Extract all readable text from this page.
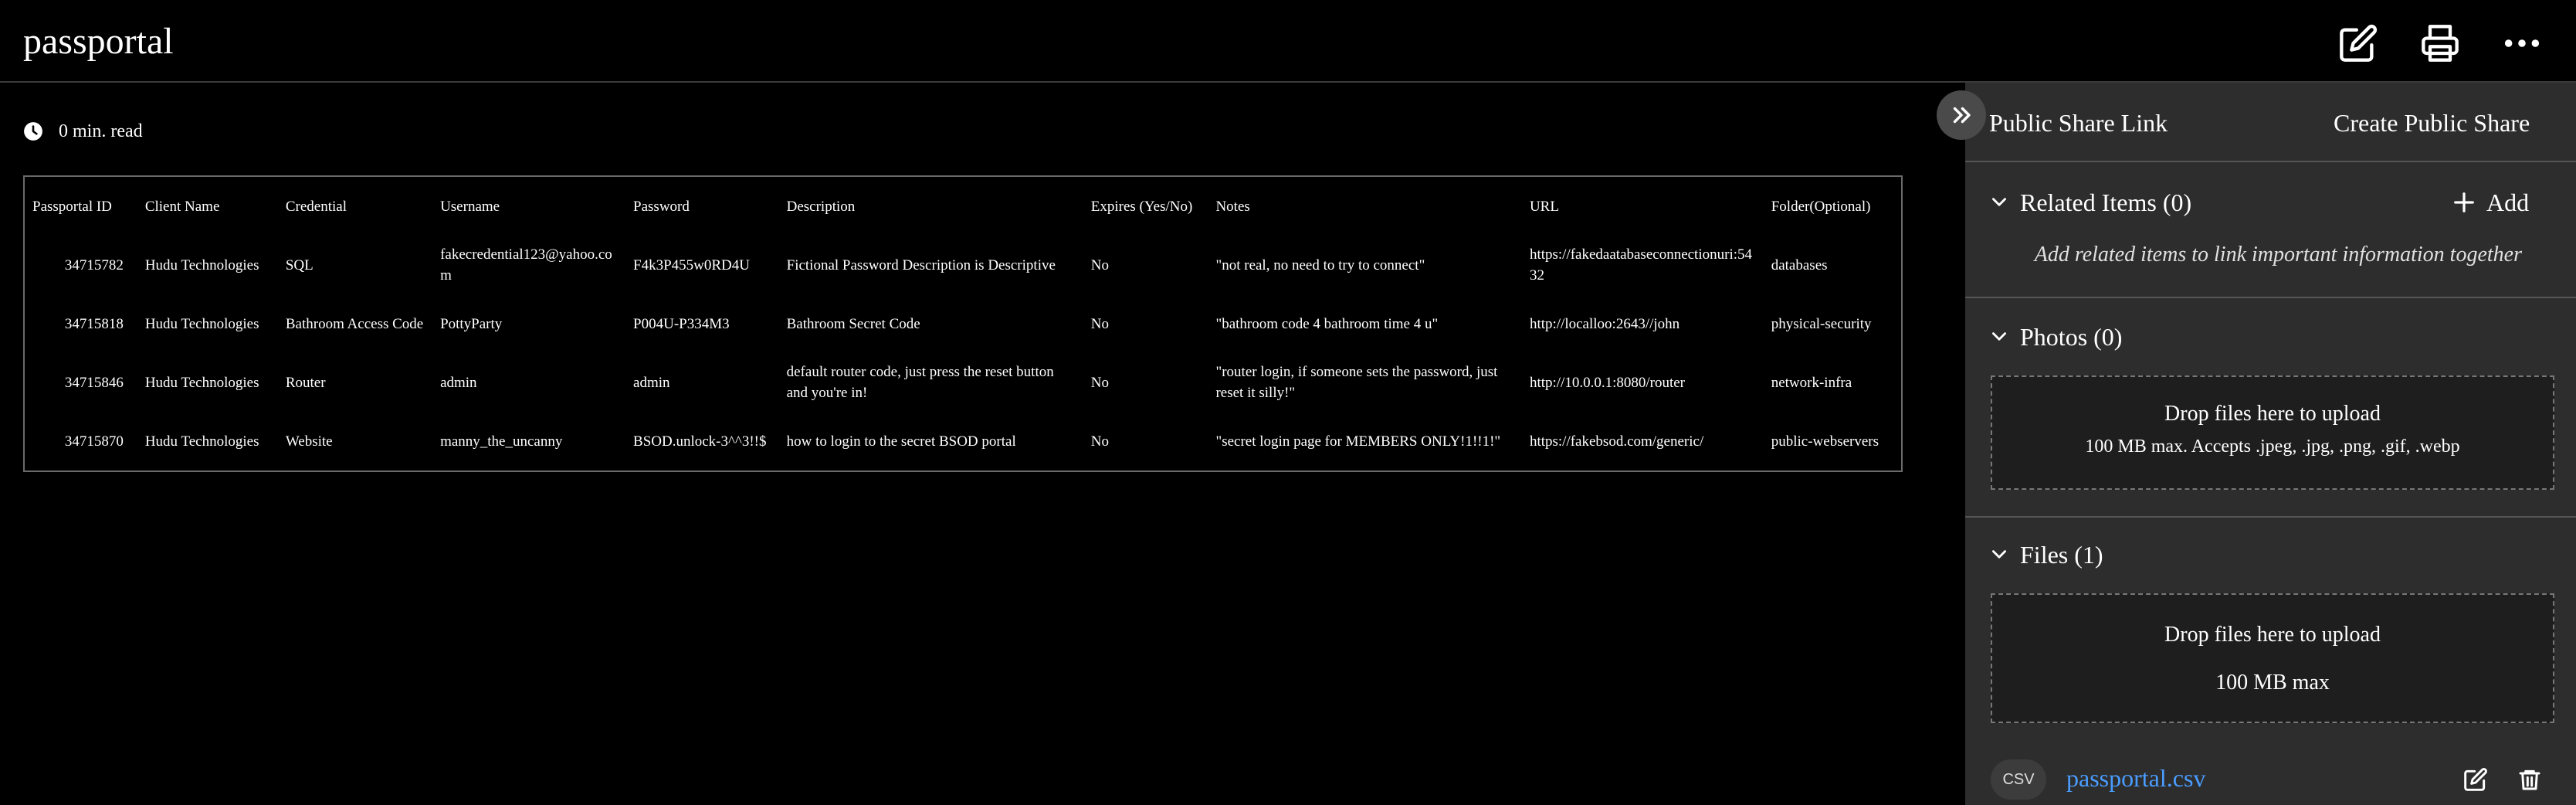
passportal
0 min. read
Passportal ID	Client Name	Credential	Username	Password	Description	Expires (Yes/No)	Notes	URL	Folder(Optional)
34715782	Hudu Technologies	SQL	fakecredential123@yahoo.com	F4k3P455w0RD4U	Fictional Password Description is Descriptive	No	"not real, no need to try to connect"	https://fakedaatabaseconnectionuri:5432	databases
34715818	Hudu Technologies	Bathroom Access Code	PottyParty	P004U-P334M3	Bathroom Secret Code	No	"bathroom code 4 bathroom time 4 u"	http://localloo:2643//john	physical-security
34715846	Hudu Technologies	Router	admin	admin	default router code, just press the reset button and you're in!	No	"router login, if someone sets the password, just reset it silly!"	http://10.0.0.1:8080/router	network-infra
34715870	Hudu Technologies	Website	manny_the_uncanny	BSOD.unlock-3^^3!!$	how to login to the secret BSOD portal	No	"secret login page for MEMBERS ONLY!1!!1!"	https://fakebsod.com/generic/	public-webservers
Public Share Link	Create Public Share
Related Items (0)	Add
Add related items to link important information together
Photos (0)
Drop files here to upload
100 MB max. Accepts .jpeg, .jpg, .png, .gif, .webp
Files (1)
Drop files here to upload
100 MB max
CSV	passportal.csv
